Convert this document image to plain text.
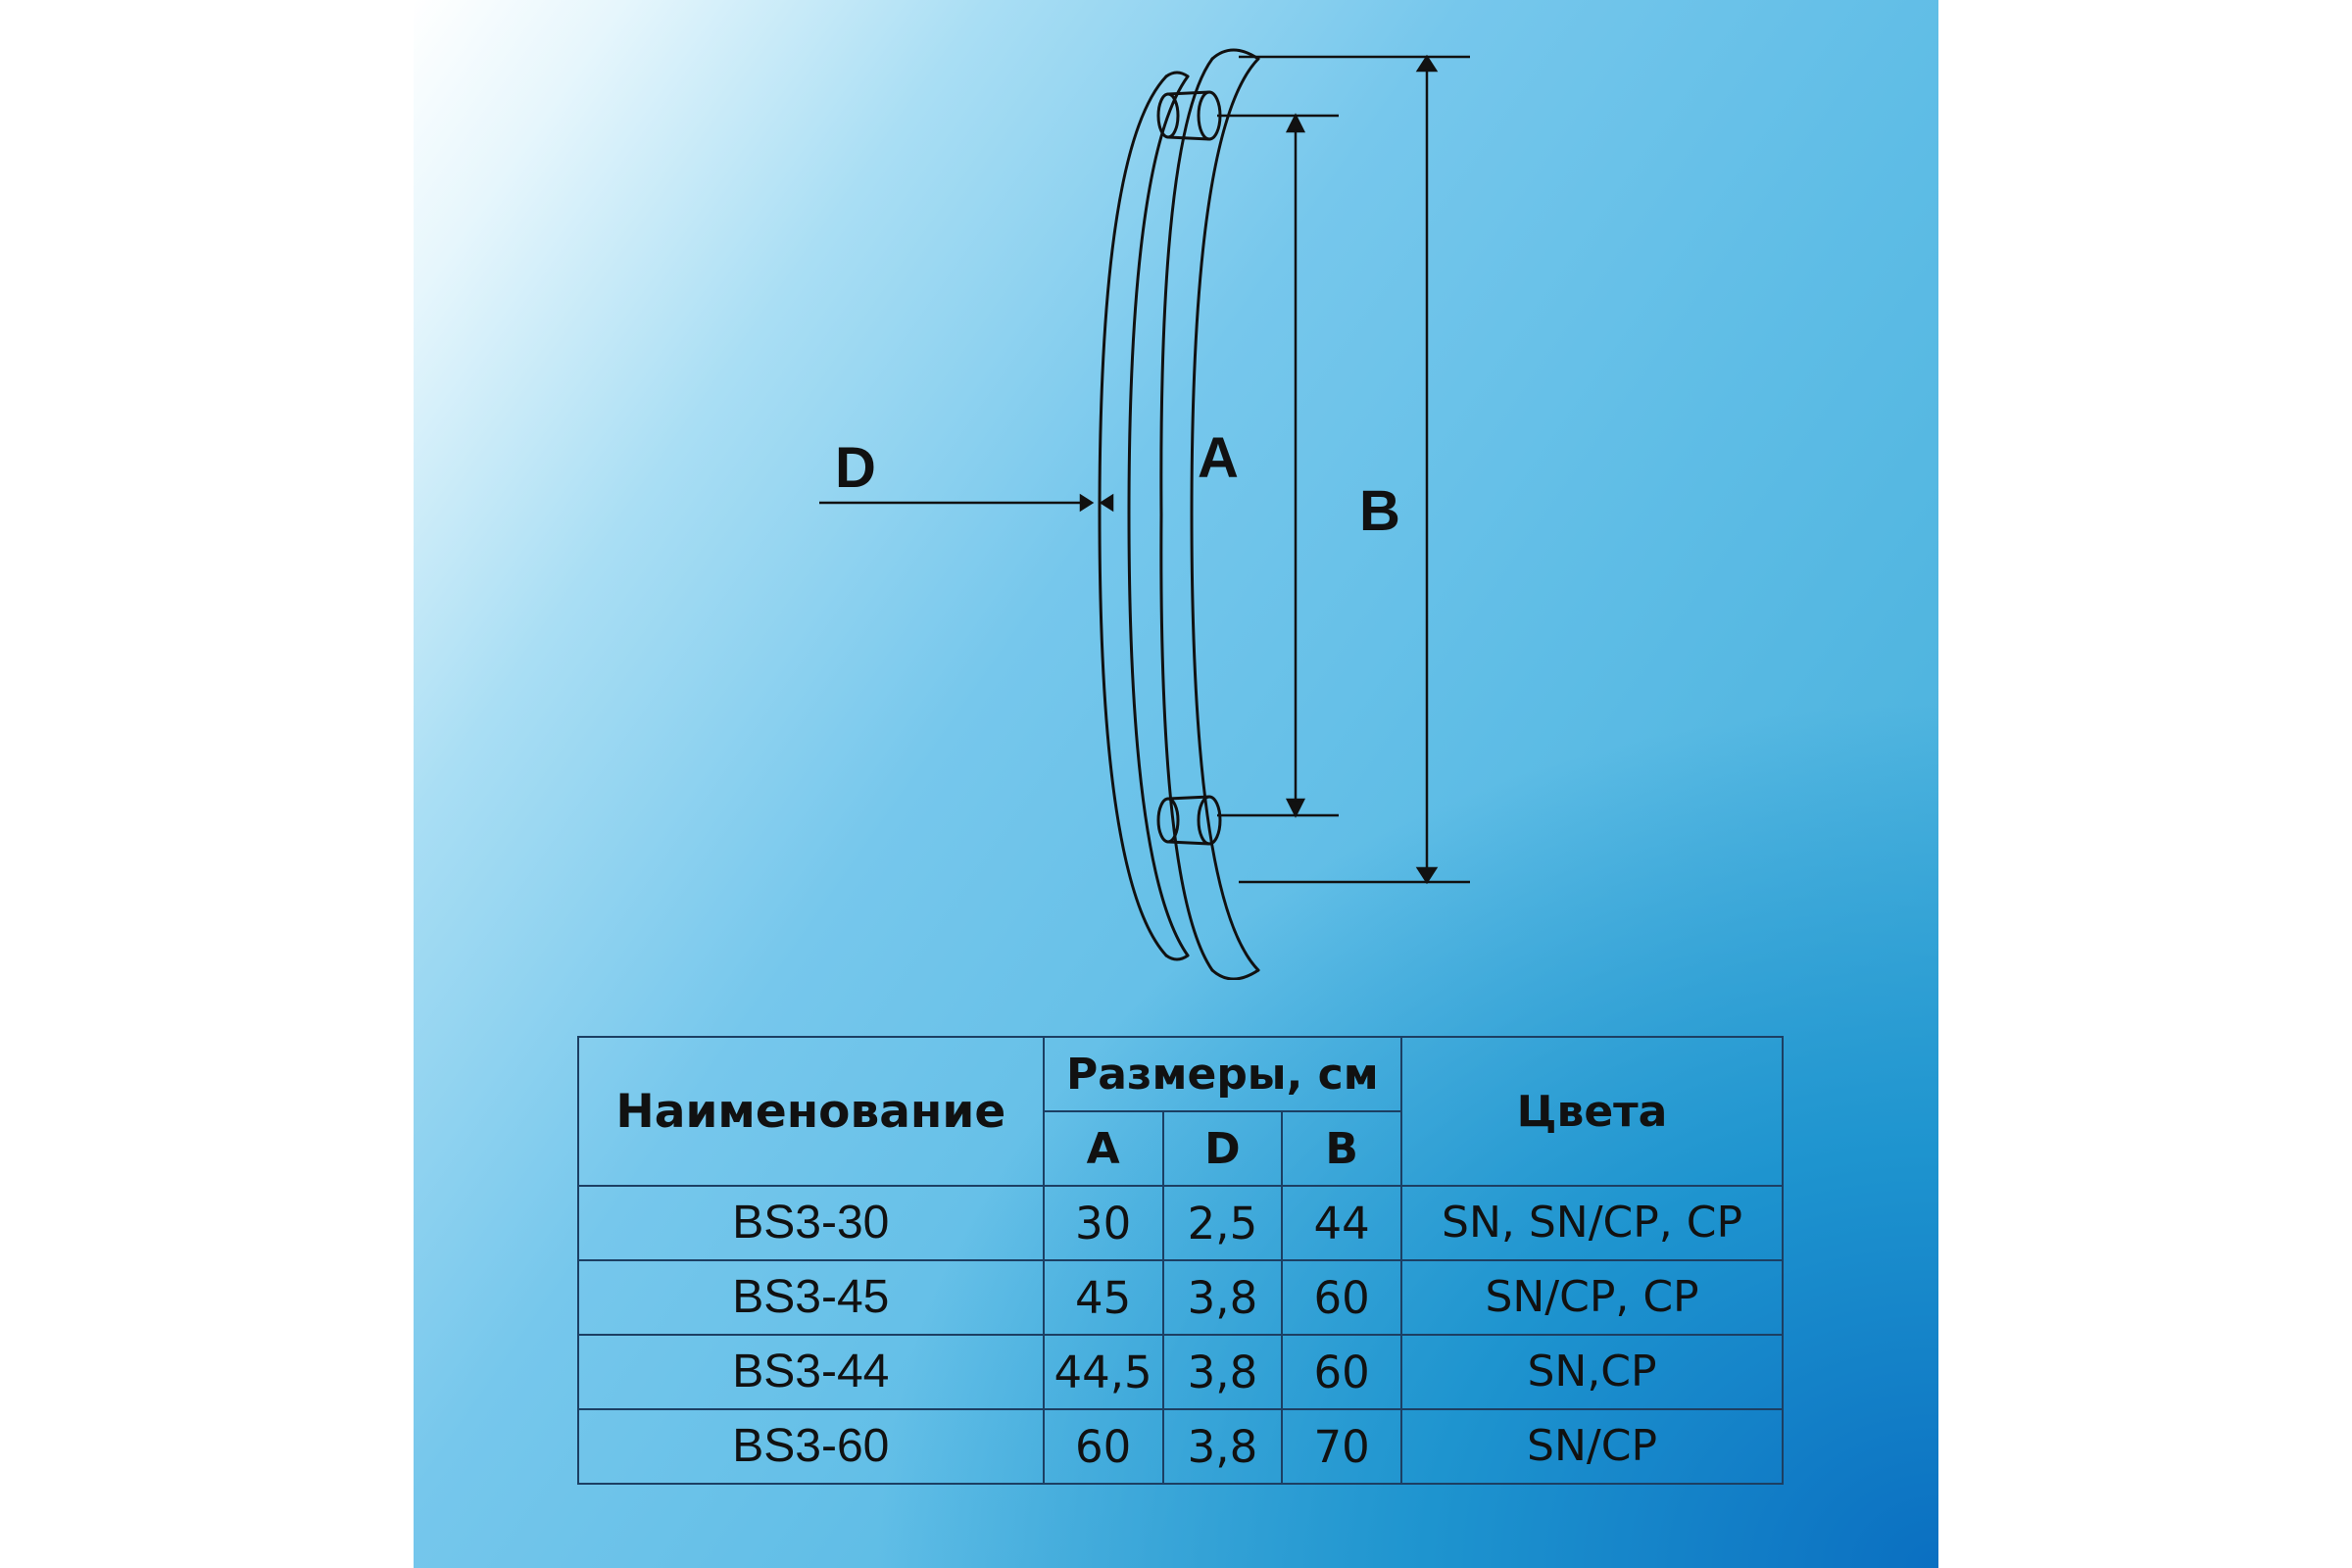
D	A
B
Наименование	Размеры, см			Цвета
	A	D	B	
BS3-30	30	2,5	44	SN, SN/CP, CP
BS3-45	45	3,8	60	SN/CP, CP
BS3-44	44,5	3,8	60	SN,CP
BS3-60	60	3,8	70	SN/CP
